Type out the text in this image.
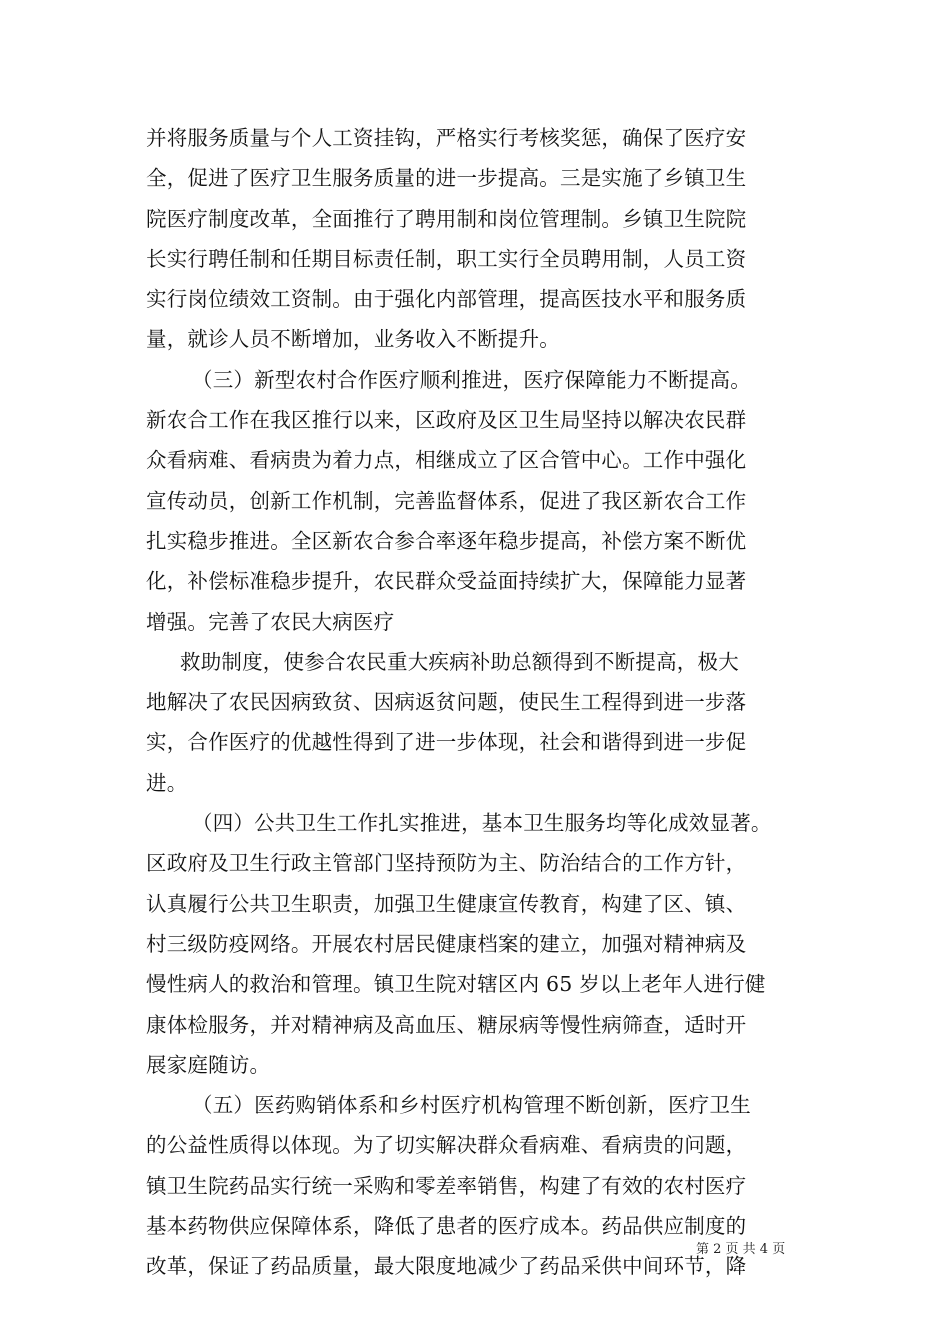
并将服务质量与个人工资挂钩，严格实行考核奖惩，确保了医疗安
全，促进了医疗卫生服务质量的进一步提高。三是实施了乡镇卫生
院医疗制度改革，全面推行了聘用制和岗位管理制。乡镇卫生院院
长实行聘任制和任期目标责任制，职工实行全员聘用制，人员工资
实行岗位绩效工资制。由于强化内部管理，提高医技水平和服务质
量，就诊人员不断增加，业务收入不断提升。
（三）新型农村合作医疗顺利推进，医疗保障能力不断提高。
新农合工作在我区推行以来，区政府及区卫生局坚持以解决农民群
众看病难、看病贵为着力点，相继成立了区合管中心。工作中强化
宣传动员，创新工作机制，完善监督体系，促进了我区新农合工作
扎实稳步推进。全区新农合参合率逐年稳步提高，补偿方案不断优
化，补偿标准稳步提升，农民群众受益面持续扩大，保障能力显著
增强。完善了农民大病医疗
救助制度，使参合农民重大疾病补助总额得到不断提高，极大
地解决了农民因病致贫、因病返贫问题，使民生工程得到进一步落
实，合作医疗的优越性得到了进一步体现，社会和谐得到进一步促
进。
（四）公共卫生工作扎实推进，基本卫生服务均等化成效显著。
区政府及卫生行政主管部门坚持预防为主、防治结合的工作方针，
认真履行公共卫生职责，加强卫生健康宣传教育，构建了区、镇、
村三级防疫网络。开展农村居民健康档案的建立，加强对精神病及
慢性病人的救治和管理。镇卫生院对辖区内 65 岁以上老年人进行健
康体检服务，并对精神病及高血压、糖尿病等慢性病筛查，适时开
展家庭随访。
（五）医药购销体系和乡村医疗机构管理不断创新，医疗卫生
的公益性质得以体现。为了切实解决群众看病难、看病贵的问题，
镇卫生院药品实行统一采购和零差率销售，构建了有效的农村医疗
基本药物供应保障体系，降低了患者的医疗成本。药品供应制度的
改革，保证了药品质量，最大限度地减少了药品采供中间环节，降
第 2 页 共 4 页
